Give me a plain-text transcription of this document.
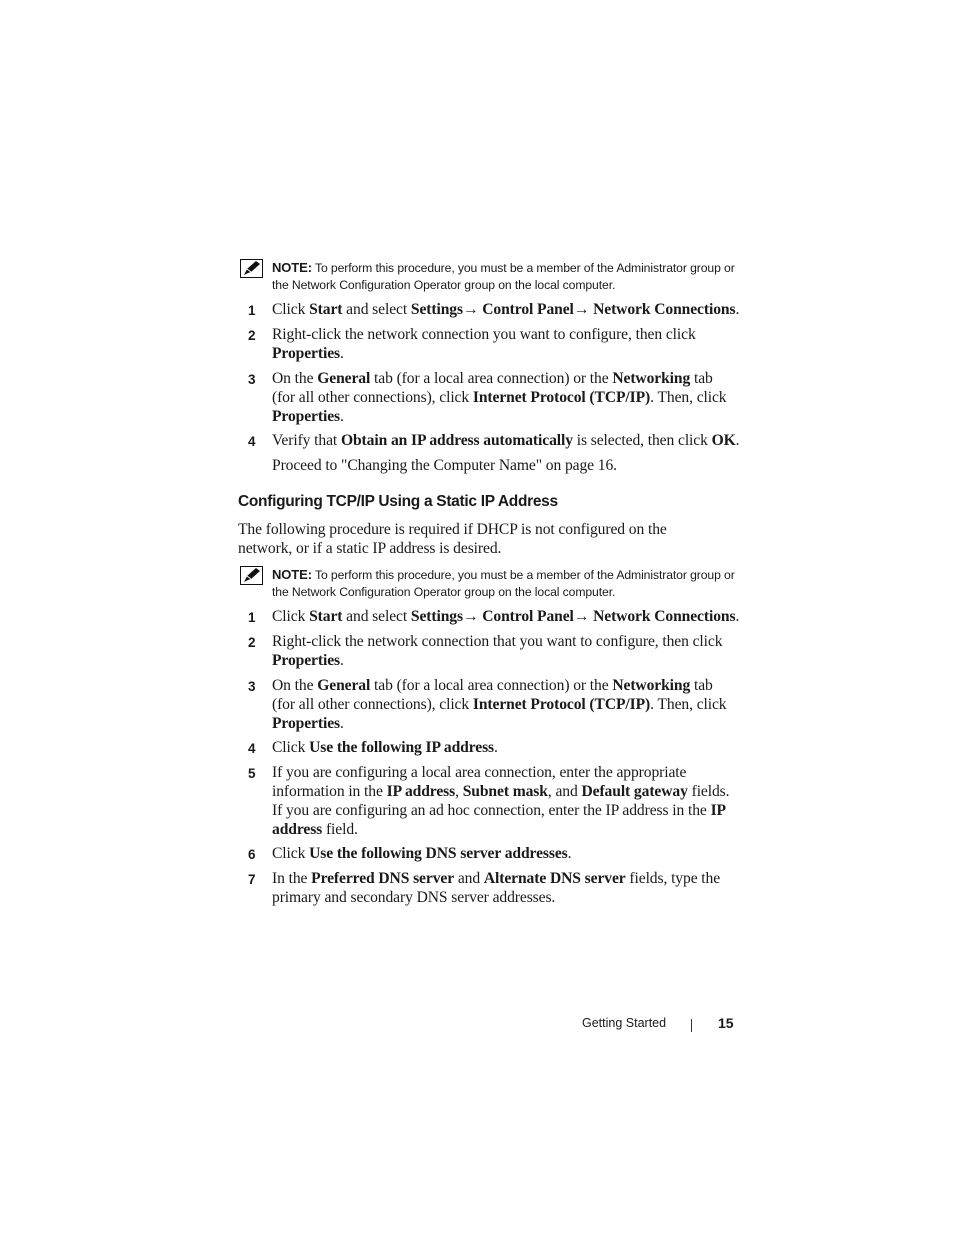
NOTE: To perform this procedure, you must be a member of the Administrator group or the Network Configuration Operator group on the local computer.
1	Click Start and select Settings→ Control Panel→ Network Connections.
2	Right-click the network connection you want to configure, then click Properties.
3	On the General tab (for a local area connection) or the Networking tab (for all other connections), click Internet Protocol (TCP/IP). Then, click Properties.
4	Verify that Obtain an IP address automatically is selected, then click OK.
Proceed to "Changing the Computer Name" on page 16.
Configuring TCP/IP Using a Static IP Address
The following procedure is required if DHCP is not configured on the network, or if a static IP address is desired.
NOTE: To perform this procedure, you must be a member of the Administrator group or the Network Configuration Operator group on the local computer.
1	Click Start and select Settings→ Control Panel→ Network Connections.
2	Right-click the network connection that you want to configure, then click Properties.
3	On the General tab (for a local area connection) or the Networking tab (for all other connections), click Internet Protocol (TCP/IP). Then, click Properties.
4	Click Use the following IP address.
5	If you are configuring a local area connection, enter the appropriate information in the IP address, Subnet mask, and Default gateway fields. If you are configuring an ad hoc connection, enter the IP address in the IP address field.
6	Click Use the following DNS server addresses.
7	In the Preferred DNS server and Alternate DNS server fields, type the primary and secondary DNS server addresses.
Getting Started	15
